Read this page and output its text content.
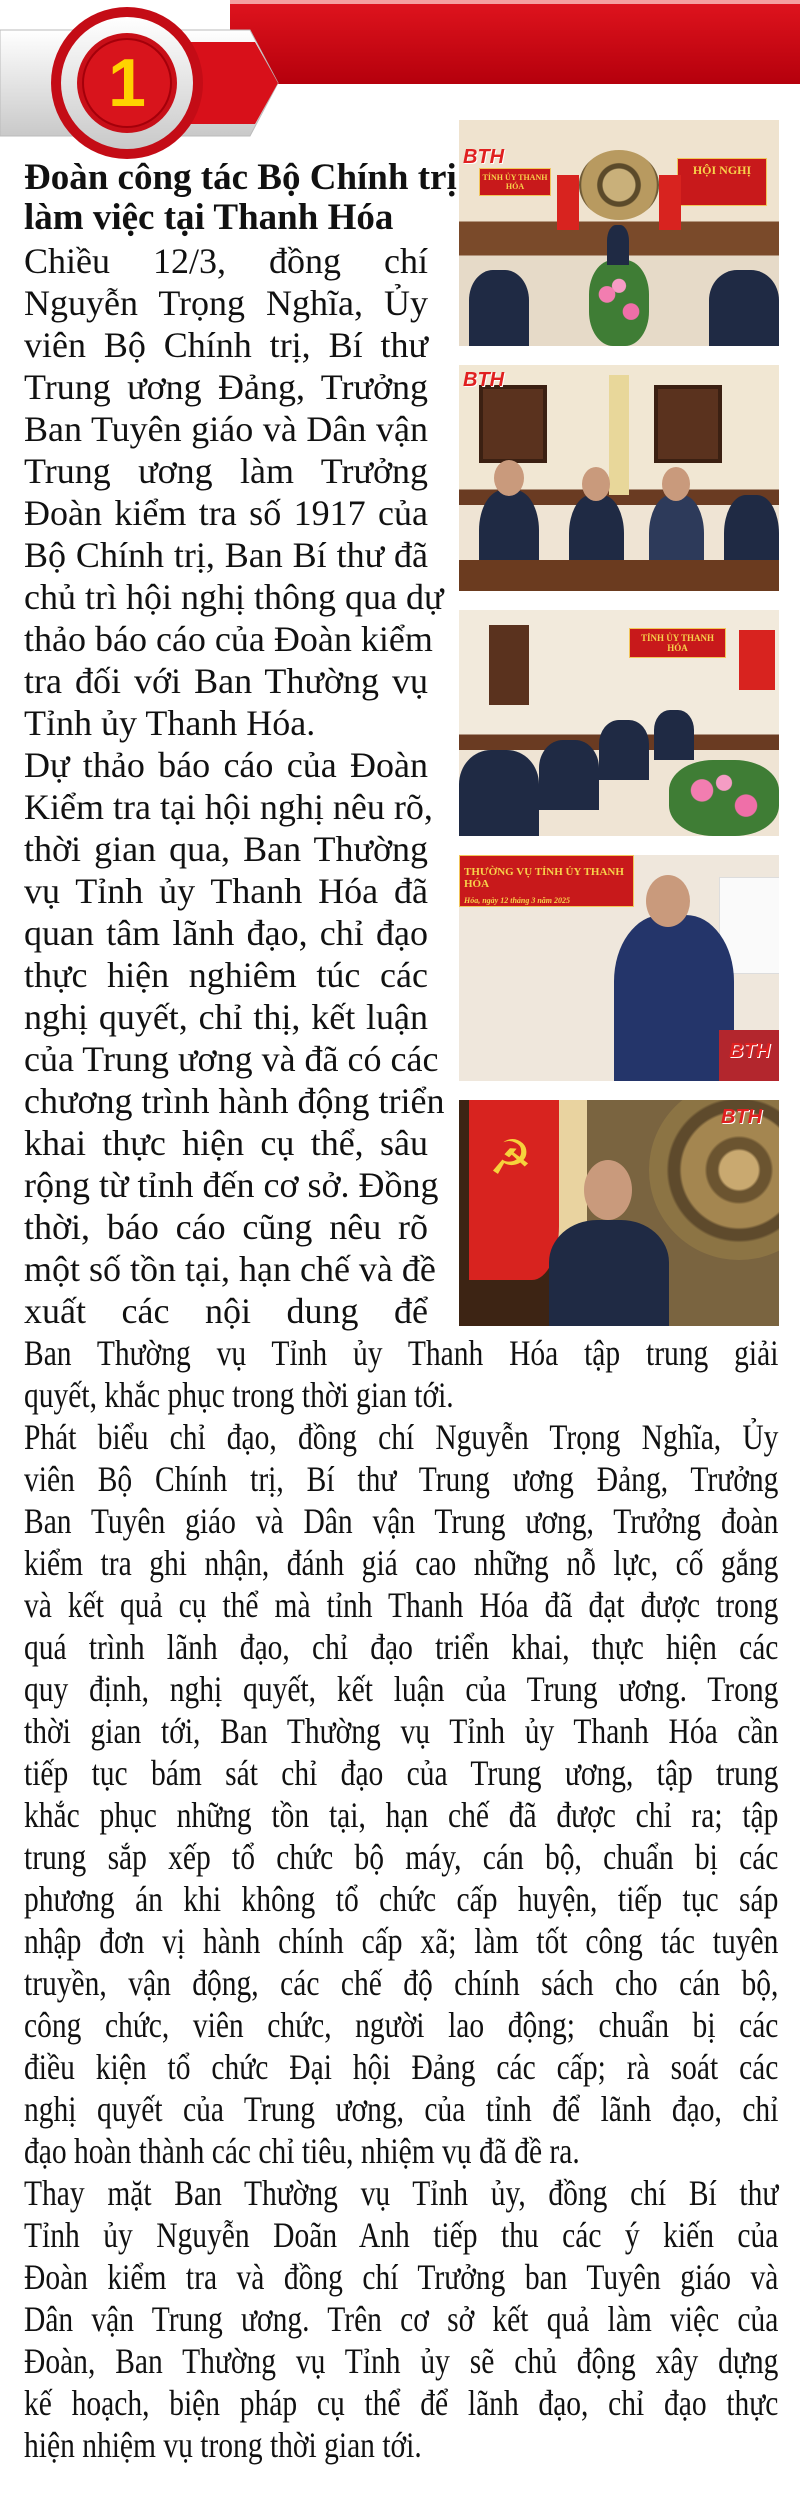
1
Đoàn công tác Bộ Chính trị
làm việc tại Thanh Hóa
TỈNH ỦY THANH HÓA
HỘI NGHỊ
BTH
BTH
TỈNH ỦY THANH HÓA
THƯỜNG VỤ TỈNH ỦY THANH HÓA
Hóa, ngày 12 tháng 3 năm 2025
BTH
☭
BTH
Chiều 12/3, đồng chí
Nguyễn Trọng Nghĩa, Ủy
viên Bộ Chính trị, Bí thư
Trung ương Đảng, Trưởng
Ban Tuyên giáo và Dân vận
Trung ương làm Trưởng
Đoàn kiểm tra số 1917 của
Bộ Chính trị, Ban Bí thư đã
chủ trì hội nghị thông qua dự
thảo báo cáo của Đoàn kiểm
tra đối với Ban Thường vụ
Tỉnh ủy Thanh Hóa.
Dự thảo báo cáo của Đoàn
Kiểm tra tại hội nghị nêu rõ,
thời gian qua, Ban Thường
vụ Tỉnh ủy Thanh Hóa đã
quan tâm lãnh đạo, chỉ đạo
thực hiện nghiêm túc các
nghị quyết, chỉ thị, kết luận
của Trung ương và đã có các
chương trình hành động triển
khai thực hiện cụ thể, sâu
rộng từ tỉnh đến cơ sở. Đồng
thời, báo cáo cũng nêu rõ
một số tồn tại, hạn chế và đề
xuất các nội dung để
Ban Thường vụ Tỉnh ủy Thanh Hóa tập trung giải
quyết, khắc phục trong thời gian tới.
Phát biểu chỉ đạo, đồng chí Nguyễn Trọng Nghĩa, Ủy
viên Bộ Chính trị, Bí thư Trung ương Đảng, Trưởng
Ban Tuyên giáo và Dân vận Trung ương, Trưởng đoàn
kiểm tra ghi nhận, đánh giá cao những nỗ lực, cố gắng
và kết quả cụ thể mà tỉnh Thanh Hóa đã đạt được trong
quá trình lãnh đạo, chỉ đạo triển khai, thực hiện các
quy định, nghị quyết, kết luận của Trung ương. Trong
thời gian tới, Ban Thường vụ Tỉnh ủy Thanh Hóa cần
tiếp tục bám sát chỉ đạo của Trung ương, tập trung
khắc phục những tồn tại, hạn chế đã được chỉ ra; tập
trung sắp xếp tổ chức bộ máy, cán bộ, chuẩn bị các
phương án khi không tổ chức cấp huyện, tiếp tục sáp
nhập đơn vị hành chính cấp xã; làm tốt công tác tuyên
truyền, vận động, các chế độ chính sách cho cán bộ,
công chức, viên chức, người lao động; chuẩn bị các
điều kiện tổ chức Đại hội Đảng các cấp; rà soát các
nghị quyết của Trung ương, của tỉnh để lãnh đạo, chỉ
đạo hoàn thành các chỉ tiêu, nhiệm vụ đã đề ra.
Thay mặt Ban Thường vụ Tỉnh ủy, đồng chí Bí thư
Tỉnh ủy Nguyễn Doãn Anh tiếp thu các ý kiến của
Đoàn kiểm tra và đồng chí Trưởng ban Tuyên giáo và
Dân vận Trung ương. Trên cơ sở kết quả làm việc của
Đoàn, Ban Thường vụ Tỉnh ủy sẽ chủ động xây dựng
kế hoạch, biện pháp cụ thể để lãnh đạo, chỉ đạo thực
hiện nhiệm vụ trong thời gian tới.
